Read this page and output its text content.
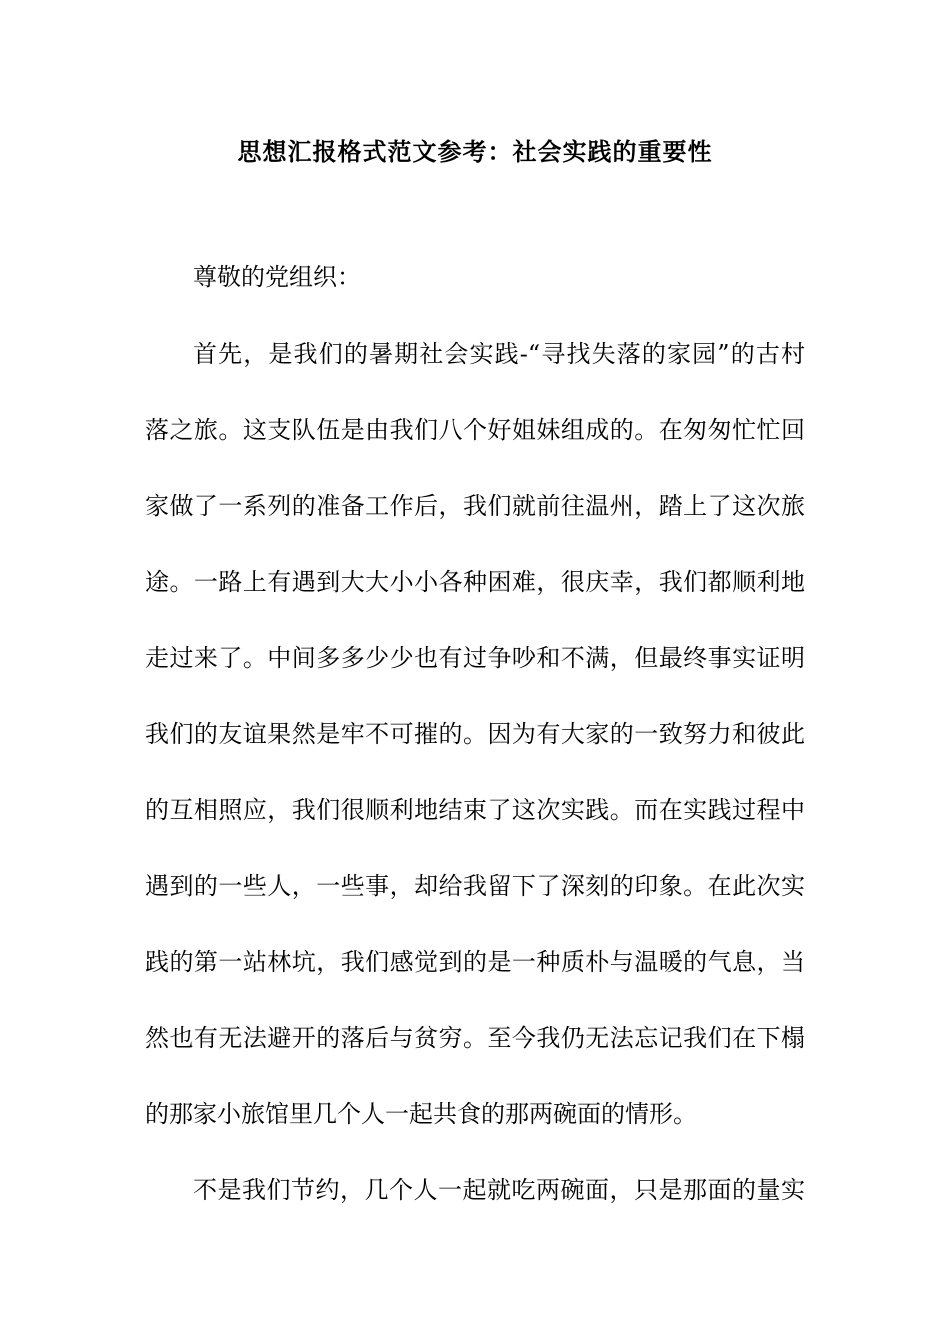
思想汇报格式范文参考：社会实践的重要性
尊敬的党组织：
首先，是我们的暑期社会实践-“寻找失落的家园”的古村
落之旅。这支队伍是由我们八个好姐妹组成的。在匆匆忙忙回
家做了一系列的准备工作后，我们就前往温州，踏上了这次旅
途。一路上有遇到大大小小各种困难，很庆幸，我们都顺利地
走过来了。中间多多少少也有过争吵和不满，但最终事实证明
我们的友谊果然是牢不可摧的。因为有大家的一致努力和彼此
的互相照应，我们很顺利地结束了这次实践。而在实践过程中
遇到的一些人，一些事，却给我留下了深刻的印象。在此次实
践的第一站林坑，我们感觉到的是一种质朴与温暖的气息，当
然也有无法避开的落后与贫穷。至今我仍无法忘记我们在下榻
的那家小旅馆里几个人一起共食的那两碗面的情形。
不是我们节约，几个人一起就吃两碗面，只是那面的量实
